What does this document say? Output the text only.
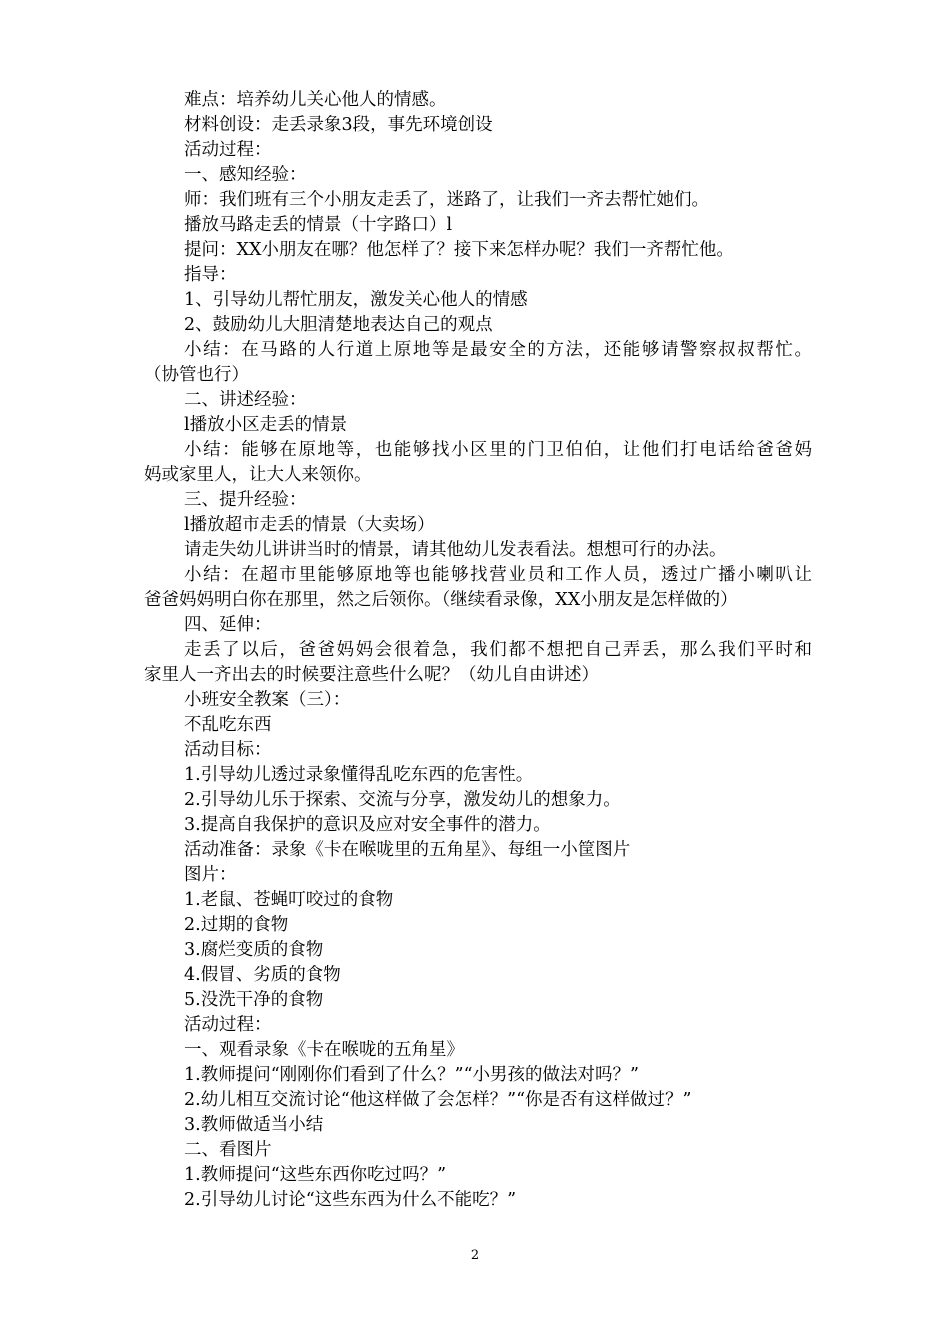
难点：培养幼儿关心他人的情感。
材料创设：走丢录象3段，事先环境创设
活动过程：
一、感知经验：
师：我们班有三个小朋友走丢了，迷路了，让我们一齐去帮忙她们。
播放马路走丢的情景（十字路口）l
提问：XX小朋友在哪？他怎样了？接下来怎样办呢？我们一齐帮忙他。
指导：
1、引导幼儿帮忙朋友，激发关心他人的情感
2、鼓励幼儿大胆清楚地表达自己的观点
小结：在马路的人行道上原地等是最安全的方法，还能够请警察叔叔帮忙。
（协管也行）
二、讲述经验：
l播放小区走丢的情景
小结：能够在原地等，也能够找小区里的门卫伯伯，让他们打电话给爸爸妈
妈或家里人，让大人来领你。
三、提升经验：
l播放超市走丢的情景（大卖场）
请走失幼儿讲讲当时的情景，请其他幼儿发表看法。想想可行的办法。
小结：在超市里能够原地等也能够找营业员和工作人员，透过广播小喇叭让
爸爸妈妈明白你在那里，然之后领你。（继续看录像，XX小朋友是怎样做的）
四、延伸：
走丢了以后，爸爸妈妈会很着急，我们都不想把自己弄丢，那么我们平时和
家里人一齐出去的时候要注意些什么呢？（幼儿自由讲述）
小班安全教案（三）：
不乱吃东西
活动目标：
1.引导幼儿透过录象懂得乱吃东西的危害性。
2.引导幼儿乐于探索、交流与分享，激发幼儿的想象力。
3.提高自我保护的意识及应对安全事件的潜力。
活动准备：录象《卡在喉咙里的五角星》、每组一小筐图片
图片：
1.老鼠、苍蝇叮咬过的食物
2.过期的食物
3.腐烂变质的食物
4.假冒、劣质的食物
5.没洗干净的食物
活动过程：
一、观看录象《卡在喉咙的五角星》
1.教师提问“刚刚你们看到了什么？”“小男孩的做法对吗？”
2.幼儿相互交流讨论“他这样做了会怎样？”“你是否有这样做过？”
3.教师做适当小结
二、看图片
1.教师提问“这些东西你吃过吗？”
2.引导幼儿讨论“这些东西为什么不能吃？”
2
